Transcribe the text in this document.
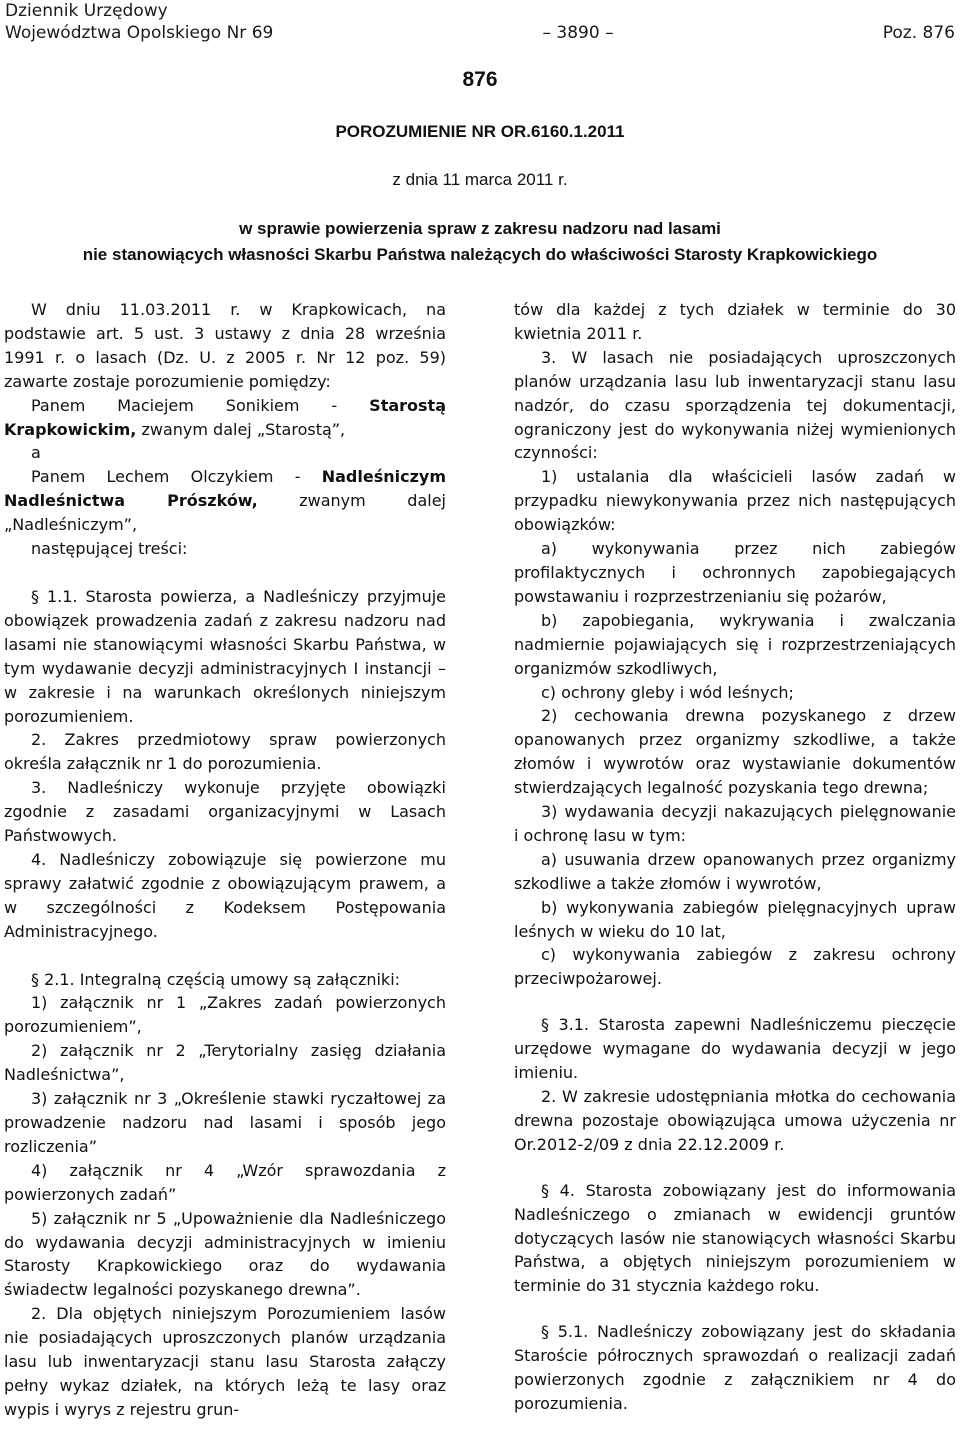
Dziennik Urzędowy
Województwa Opolskiego Nr 69	– 3890 –	Poz. 876
876
POROZUMIENIE NR OR.6160.1.2011
z dnia 11 marca 2011 r.
w sprawie powierzenia spraw z zakresu nadzoru nad lasami
nie stanowiących własności Skarbu Państwa należących do właściwości Starosty Krapkowickiego

W dniu 11.03.2011 r. w Krapkowicach, na podstawie art. 5 ust. 3 ustawy z dnia 28 września 1991 r. o lasach (Dz. U. z 2005 r. Nr 12 poz. 59) zawarte zostaje porozumienie pomiędzy:

Panem Maciejem Sonikiem - Starostą Krapkowickim, zwanym dalej „Starostą”,

a

Panem Lechem Olczykiem - Nadleśniczym Nadleśnictwa Prószków, zwanym dalej „Nadleśniczym”,

następującej treści:

§ 1.1. Starosta powierza, a Nadleśniczy przyjmuje obowiązek prowadzenia zadań z zakresu nadzoru nad lasami nie stanowiącymi własności Skarbu Państwa, w tym wydawanie decyzji administracyjnych I instancji – w zakresie i na warunkach określonych niniejszym porozumieniem.

2. Zakres przedmiotowy spraw powierzonych określa załącznik nr 1 do porozumienia.

3. Nadleśniczy wykonuje przyjęte obowiązki zgodnie z zasadami organizacyjnymi w Lasach Państwowych.

4. Nadleśniczy zobowiązuje się powierzone mu sprawy załatwić zgodnie z obowiązującym prawem, a w szczególności z Kodeksem Postępowania Administracyjnego.

§ 2.1. Integralną częścią umowy są załączniki:

1) załącznik nr 1 „Zakres zadań powierzonych porozumieniem”,

2) załącznik nr 2 „Terytorialny zasięg działania Nadleśnictwa”,

3) załącznik nr 3 „Określenie stawki ryczałtowej za prowadzenie nadzoru nad lasami i sposób jego rozliczenia”

4) załącznik nr 4 „Wzór sprawozdania z powierzonych zadań”

5) załącznik nr 5 „Upoważnienie dla Nadleśniczego do wydawania decyzji administracyjnych w imieniu Starosty Krapkowickiego oraz do wydawania świadectw legalności pozyskanego drewna”.

2. Dla objętych niniejszym Porozumieniem lasów nie posiadających uproszczonych planów urządzania lasu lub inwentaryzacji stanu lasu Starosta załączy pełny wykaz działek, na których leżą te lasy oraz wypis i wyrys z rejestru grun-

tów dla każdej z tych działek w terminie do 30 kwietnia 2011 r.

3. W lasach nie posiadających uproszczonych planów urządzania lasu lub inwentaryzacji stanu lasu nadzór, do czasu sporządzenia tej dokumentacji, ograniczony jest do wykonywania niżej wymienionych czynności:

1) ustalania dla właścicieli lasów zadań w przypadku niewykonywania przez nich następujących obowiązków:

a) wykonywania przez nich zabiegów profilaktycznych i ochronnych zapobiegających powstawaniu i rozprzestrzenianiu się pożarów,

b) zapobiegania, wykrywania i zwalczania nadmiernie pojawiających się i rozprzestrzeniających organizmów szkodliwych,

c) ochrony gleby i wód leśnych;

2) cechowania drewna pozyskanego z drzew opanowanych przez organizmy szkodliwe, a także złomów i wywrotów oraz wystawianie dokumentów stwierdzających legalność pozyskania tego drewna;

3) wydawania decyzji nakazujących pielęgnowanie i ochronę lasu w tym:

a) usuwania drzew opanowanych przez organizmy szkodliwe a także złomów i wywrotów,

b) wykonywania zabiegów pielęgnacyjnych upraw leśnych w wieku do 10 lat,

c) wykonywania zabiegów z zakresu ochrony przeciwpożarowej.

§ 3.1. Starosta zapewni Nadleśniczemu pieczęcie urzędowe wymagane do wydawania decyzji w jego imieniu.

2. W zakresie udostępniania młotka do cechowania drewna pozostaje obowiązująca umowa użyczenia nr Or.2012-2/09 z dnia 22.12.2009 r.

§ 4. Starosta zobowiązany jest do informowania Nadleśniczego o zmianach w ewidencji gruntów dotyczących lasów nie stanowiących własności Skarbu Państwa, a objętych niniejszym porozumieniem w terminie do 31 stycznia każdego roku.

§ 5.1. Nadleśniczy zobowiązany jest do składania Staroście półrocznych sprawozdań o realizacji zadań powierzonych zgodnie z załącznikiem nr 4 do porozumienia.
